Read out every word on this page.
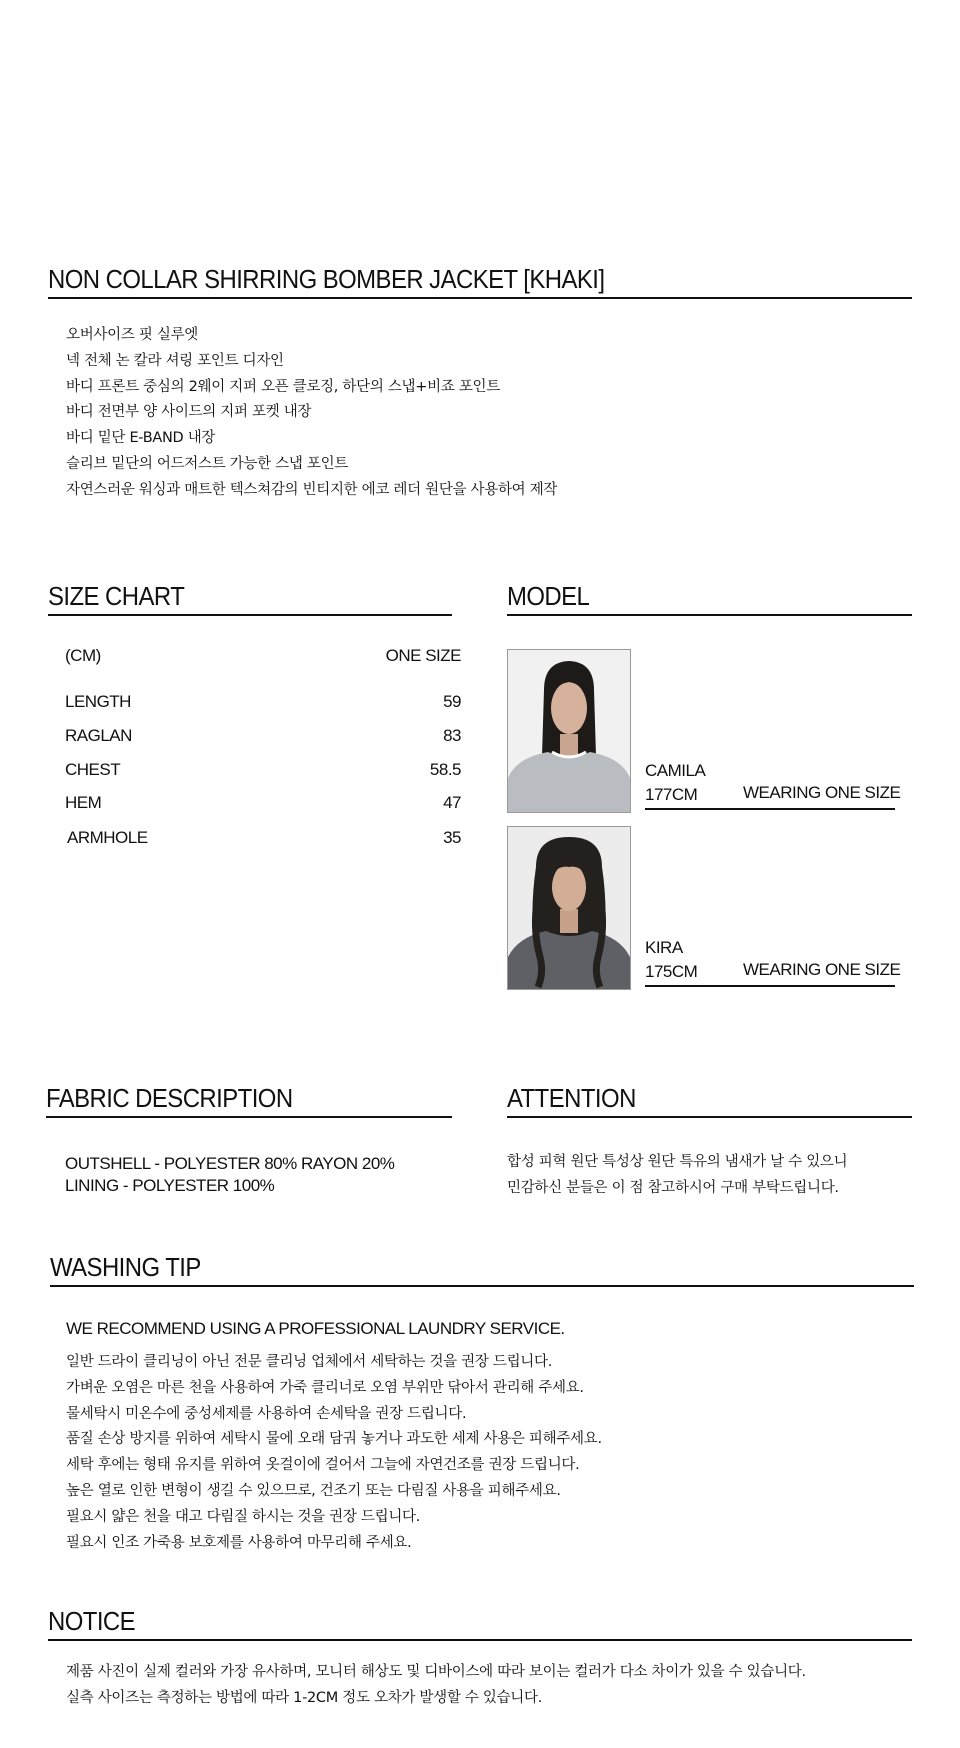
NON COLLAR SHIRRING BOMBER JACKET [KHAKI]
오버사이즈 핏 실루엣
넥 전체 논 칼라 셔링 포인트 디자인
바디 프론트 중심의 2웨이 지퍼 오픈 클로징, 하단의 스냅+비죠 포인트
바디 전면부 양 사이드의 지퍼 포켓 내장
바디 밑단 E-BAND 내장
슬리브 밑단의 어드저스트 가능한 스냅 포인트
자연스러운 워싱과 매트한 텍스쳐감의 빈티지한 에코 레더 원단을 사용하여 제작
SIZE CHART
(CM)	ONE SIZE
LENGTH	59
RAGLAN	83
CHEST	58.5
HEM	47
ARMHOLE	35
MODEL
CAMILA
177CM	WEARING ONE SIZE
KIRA
175CM	WEARING ONE SIZE
FABRIC DESCRIPTION
OUTSHELL - POLYESTER 80% RAYON 20%
LINING - POLYESTER 100%
ATTENTION
합성 피혁 원단 특성상 원단 특유의 냄새가 날 수 있으니
민감하신 분들은 이 점 참고하시어 구매 부탁드립니다.
WASHING TIP
WE RECOMMEND USING A PROFESSIONAL LAUNDRY SERVICE.
일반 드라이 클리닝이 아닌 전문 클리닝 업체에서 세탁하는 것을 권장 드립니다.
가벼운 오염은 마른 천을 사용하여 가죽 클리너로 오염 부위만 닦아서 관리해 주세요.
물세탁시 미온수에 중성세제를 사용하여 손세탁을 권장 드립니다.
품질 손상 방지를 위하여 세탁시 물에 오래 담궈 놓거나 과도한 세제 사용은 피해주세요.
세탁 후에는 형태 유지를 위하여 옷걸이에 걸어서 그늘에 자연건조를 권장 드립니다.
높은 열로 인한 변형이 생길 수 있으므로, 건조기 또는 다림질 사용을 피해주세요.
필요시 얇은 천을 대고 다림질 하시는 것을 권장 드립니다.
필요시 인조 가죽용 보호제를 사용하여 마무리해 주세요.
NOTICE
제품 사진이 실제 컬러와 가장 유사하며, 모니터 해상도 및 디바이스에 따라 보이는 컬러가 다소 차이가 있을 수 있습니다.
실측 사이즈는 측정하는 방법에 따라 1-2CM 정도 오차가 발생할 수 있습니다.
